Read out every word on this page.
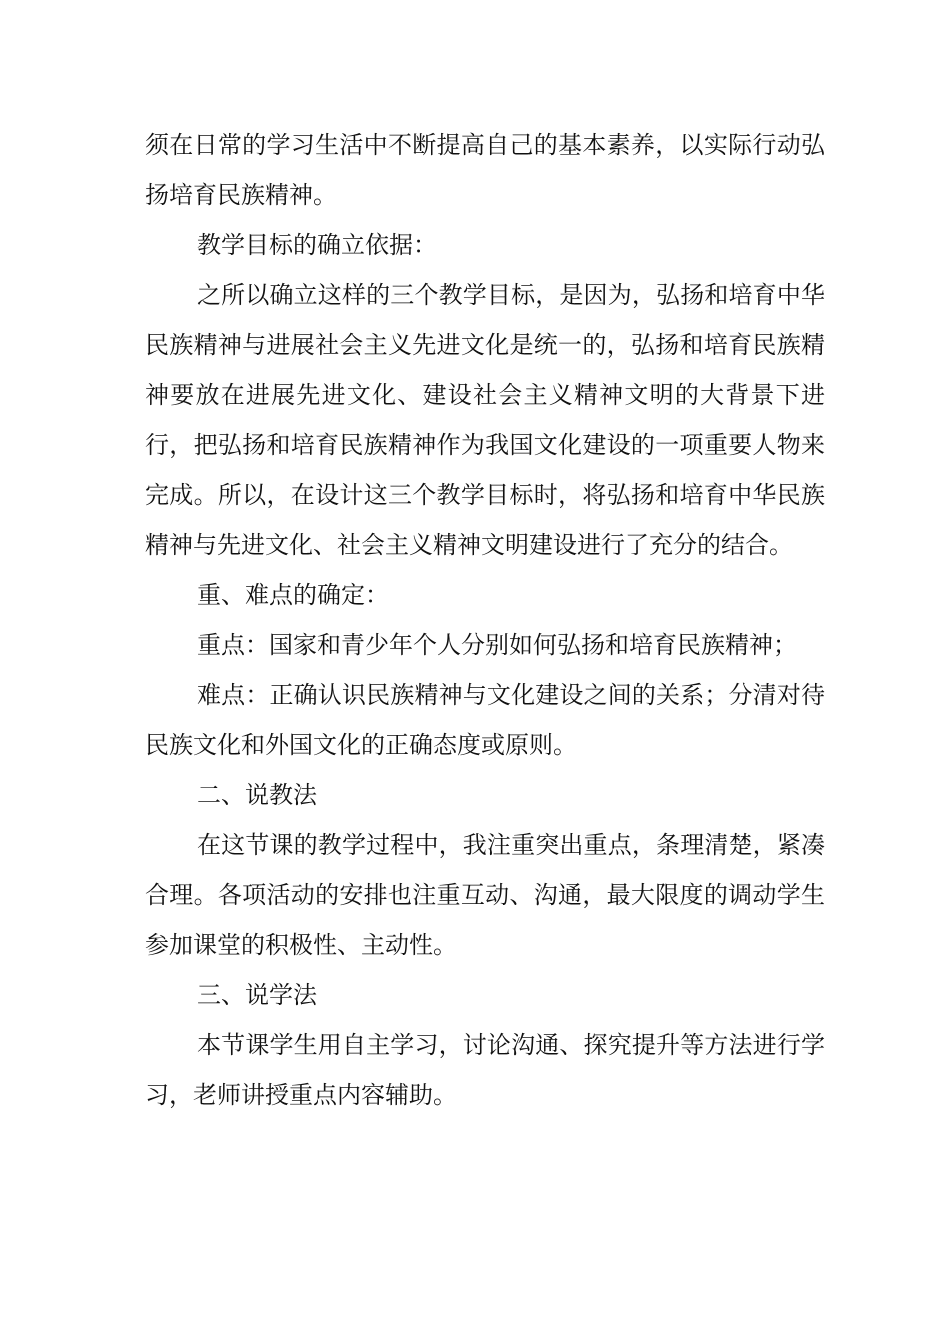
须在日常的学习生活中不断提高自己的基本素养，以实际行动弘扬培育民族精神。

教学目标的确立依据：

之所以确立这样的三个教学目标，是因为，弘扬和培育中华民族精神与进展社会主义先进文化是统一的，弘扬和培育民族精神要放在进展先进文化、建设社会主义精神文明的大背景下进行，把弘扬和培育民族精神作为我国文化建设的一项重要人物来完成。所以，在设计这三个教学目标时，将弘扬和培育中华民族精神与先进文化、社会主义精神文明建设进行了充分的结合。

重、难点的确定：

重点：国家和青少年个人分别如何弘扬和培育民族精神；

难点：正确认识民族精神与文化建设之间的关系；分清对待民族文化和外国文化的正确态度或原则。

二、说教法

在这节课的教学过程中，我注重突出重点，条理清楚，紧凑合理。各项活动的安排也注重互动、沟通，最大限度的调动学生参加课堂的积极性、主动性。

三、说学法

本节课学生用自主学习，讨论沟通、探究提升等方法进行学习，老师讲授重点内容辅助。
